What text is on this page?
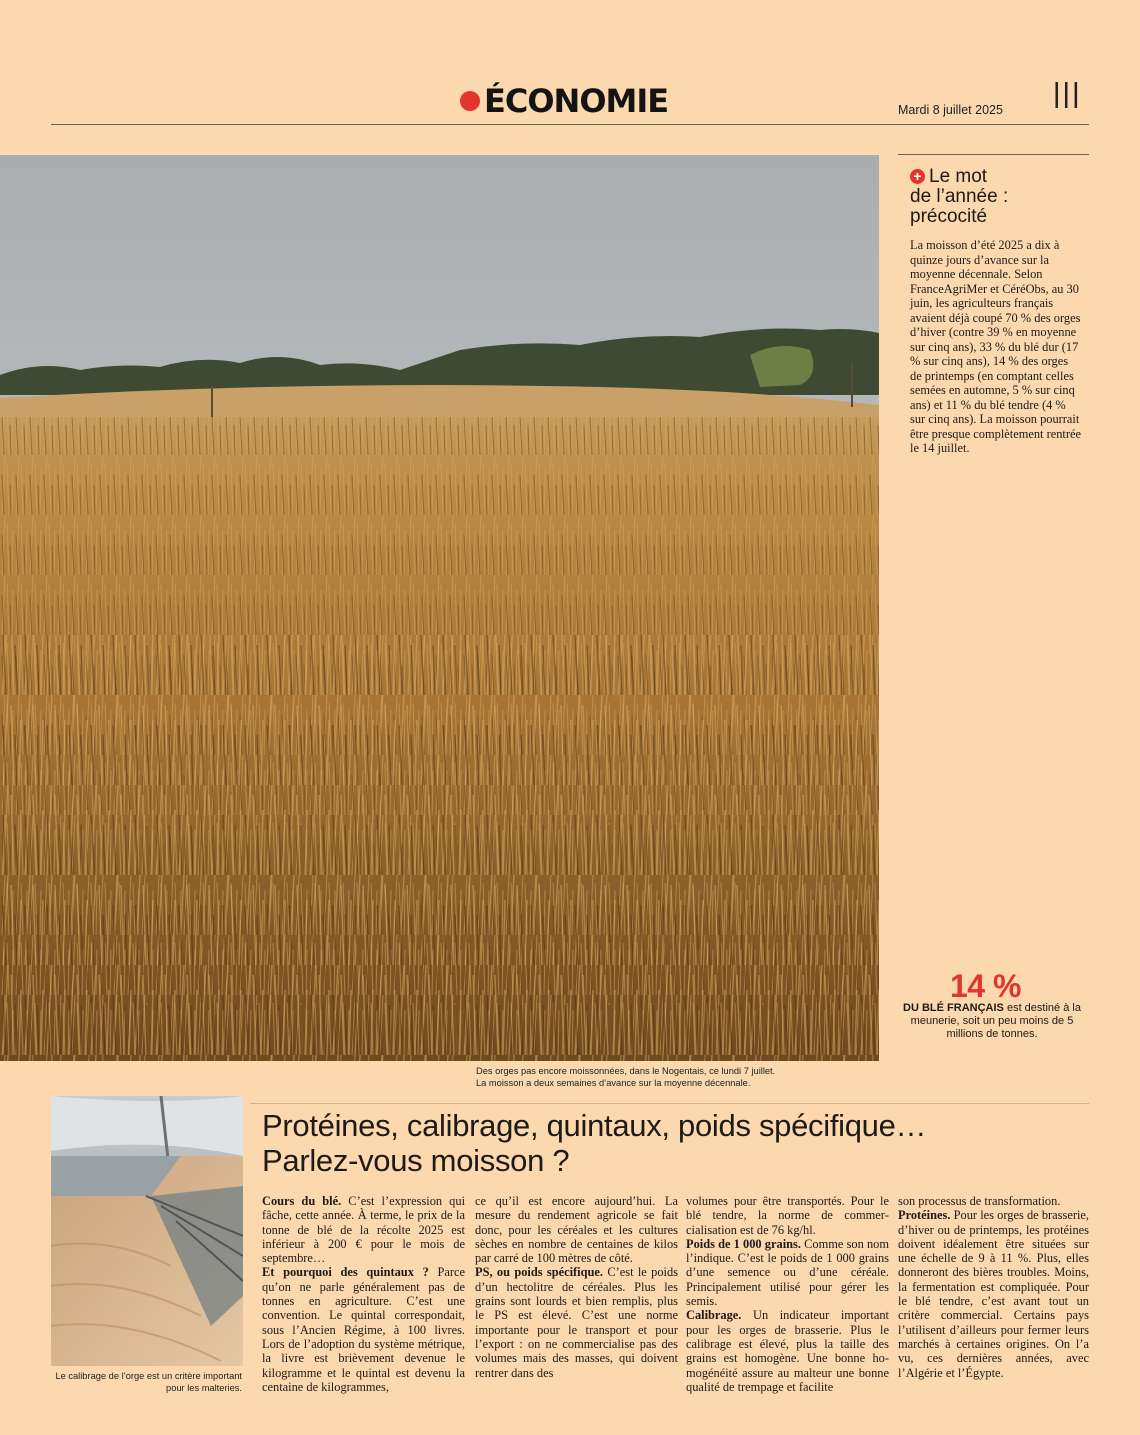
ÉCONOMIE	Mardi 8 juillet 2025 III
+ Le mot
de l’année :
précocité
La moisson d’été 2025 a dix à quinze jours d’avance sur la moyenne décennale. Selon FranceAgriMer et CéréObs, au 30 juin, les agriculteurs français avaient déjà coupé 70 % des orges d’hiver (contre 39 % en moyenne sur cinq ans), 33 % du blé dur (17 % sur cinq ans), 14 % des orges de printemps (en comptant celles semées en automne, 5 % sur cinq ans) et 11 % du blé tendre (4 % sur cinq ans). La moisson pourrait être presque complètement rentrée le 14 juillet.
14 %
DU BLÉ FRANÇAIS est destiné à la meunerie, soit un peu moins de 5 millions de tonnes.
Des orges pas encore moissonnées, dans le Nogentais, ce lundi 7 juillet.
La moisson a deux semaines d’avance sur la moyenne décennale.
Le calibrage de l’orge est un critère important pour les malteries.
Protéines, calibrage, quintaux, poids spécifique…
Parlez-vous moisson ?

Cours du blé. C’est l’expression qui fâche, cette année. À terme, le prix de la tonne de blé de la récolte 2025 est inférieur à 200 € pour le mois de septembre…

Et pourquoi des quintaux ? Parce qu’on ne parle généralement pas de tonnes en agriculture. C’est une convention. Le quintal correspondait, sous l’Ancien Régime, à 100 livres. Lors de l’adoption du système métrique, la livre est brièvement devenue le kilogramme et le quintal est devenu la centaine de kilogrammes,

ce qu’il est encore aujourd’hui. La mesure du rendement agricole se fait donc, pour les céréales et les cultures sèches en nombre de centaines de kilos par carré de 100 mètres de côté.

PS, ou poids spécifique. C’est le poids d’un hectolitre de céréales. Plus les grains sont lourds et bien remplis, plus le PS est élevé. C’est une norme importante pour le transport et pour l’export : on ne commercialise pas des volumes mais des masses, qui doivent rentrer dans des

volumes pour être transportés. Pour le blé tendre, la norme de commercialisation est de 76 kg/hl.

Poids de 1 000 grains. Comme son nom l’indique. C’est le poids de 1 000 grains d’une semence ou d’une céréale. Principalement utilisé pour gérer les semis.

Calibrage. Un indicateur important pour les orges de brasserie. Plus le calibrage est élevé, plus la taille des grains est homogène. Une bonne homogénéité assure au malteur une bonne qualité de trempage et facilite

son processus de transformation.

Protéines. Pour les orges de brasserie, d’hiver ou de printemps, les protéines doivent idéalement être situées sur une échelle de 9 à 11 %. Plus, elles donneront des bières troubles. Moins, la fermentation est compliquée. Pour le blé tendre, c’est avant tout un critère commercial. Certains pays l’utilisent d’ailleurs pour fermer leurs marchés à certaines origines. On l’a vu, ces dernières années, avec l’Algérie et l’Égypte.
